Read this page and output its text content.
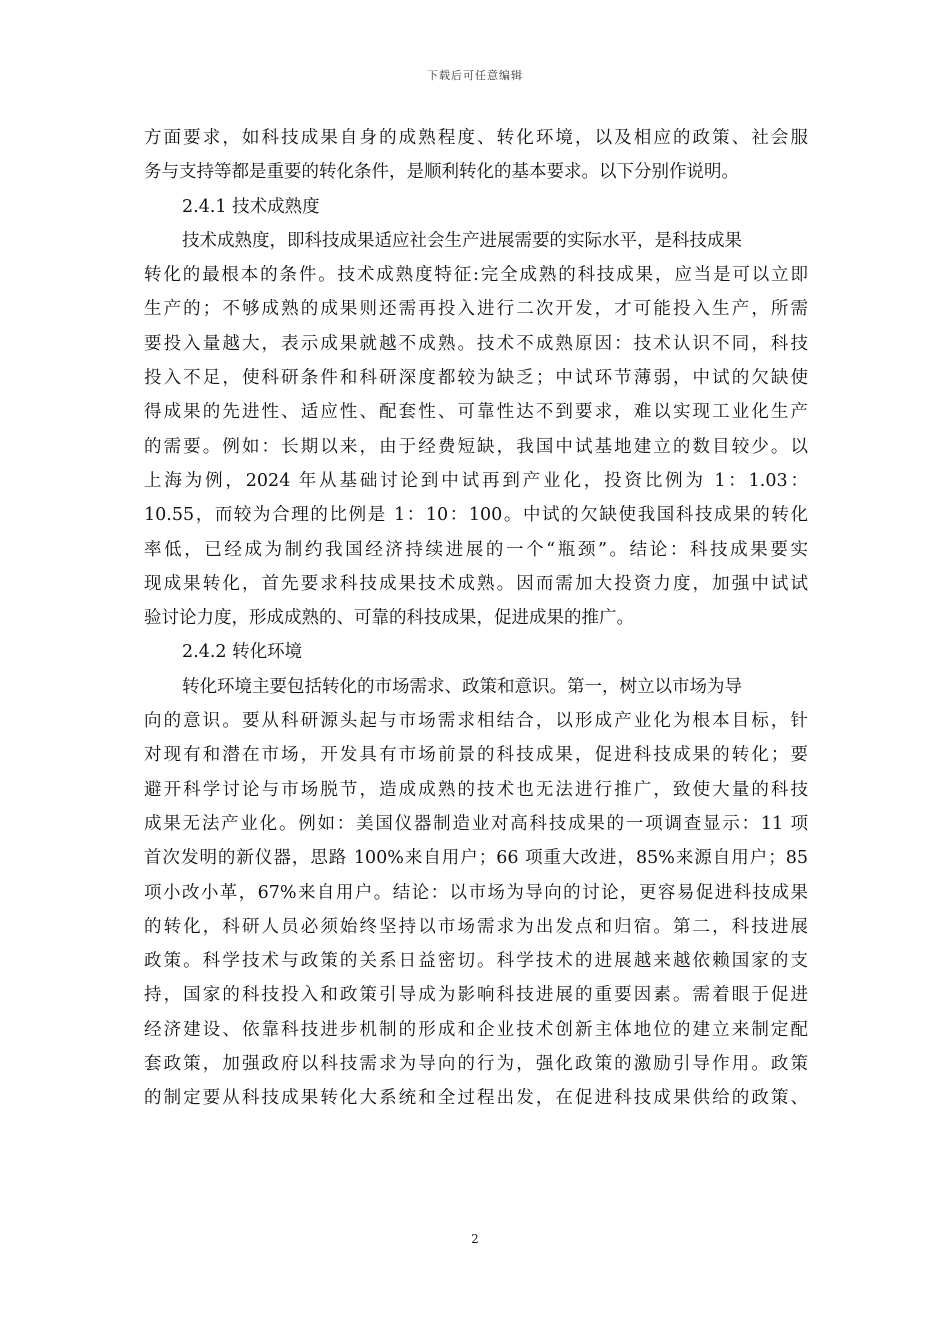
下载后可任意编辑
方面要求，如科技成果自身的成熟程度、转化环境，以及相应的政策、社会服
务与支持等都是重要的转化条件，是顺利转化的基本要求。以下分别作说明。
2.4.1 技术成熟度
技术成熟度，即科技成果适应社会生产进展需要的实际水平，是科技成果
转化的最根本的条件。技术成熟度特征:完全成熟的科技成果，应当是可以立即
生产的；不够成熟的成果则还需再投入进行二次开发，才可能投入生产，所需
要投入量越大，表示成果就越不成熟。技术不成熟原因：技术认识不同，科技
投入不足，使科研条件和科研深度都较为缺乏；中试环节薄弱，中试的欠缺使
得成果的先进性、适应性、配套性、可靠性达不到要求，难以实现工业化生产
的需要。例如：长期以来，由于经费短缺，我国中试基地建立的数目较少。以
上海为例，2024 年从基础讨论到中试再到产业化，投资比例为 1：1.03：
10.55，而较为合理的比例是 1：10：100。中试的欠缺使我国科技成果的转化
率低，已经成为制约我国经济持续进展的一个“瓶颈”。结论：科技成果要实
现成果转化，首先要求科技成果技术成熟。因而需加大投资力度，加强中试试
验讨论力度，形成成熟的、可靠的科技成果，促进成果的推广。
2.4.2 转化环境
转化环境主要包括转化的市场需求、政策和意识。第一，树立以市场为导
向的意识。要从科研源头起与市场需求相结合，以形成产业化为根本目标，针
对现有和潜在市场，开发具有市场前景的科技成果，促进科技成果的转化；要
避开科学讨论与市场脱节，造成成熟的技术也无法进行推广，致使大量的科技
成果无法产业化。例如：美国仪器制造业对高科技成果的一项调查显示：11 项
首次发明的新仪器，思路 100%来自用户；66 项重大改进，85%来源自用户；85
项小改小革，67%来自用户。结论：以市场为导向的讨论，更容易促进科技成果
的转化，科研人员必须始终坚持以市场需求为出发点和归宿。第二，科技进展
政策。科学技术与政策的关系日益密切。科学技术的进展越来越依赖国家的支
持，国家的科技投入和政策引导成为影响科技进展的重要因素。需着眼于促进
经济建设、依靠科技进步机制的形成和企业技术创新主体地位的建立来制定配
套政策，加强政府以科技需求为导向的行为，强化政策的激励引导作用。政策
的制定要从科技成果转化大系统和全过程出发，在促进科技成果供给的政策、
2
